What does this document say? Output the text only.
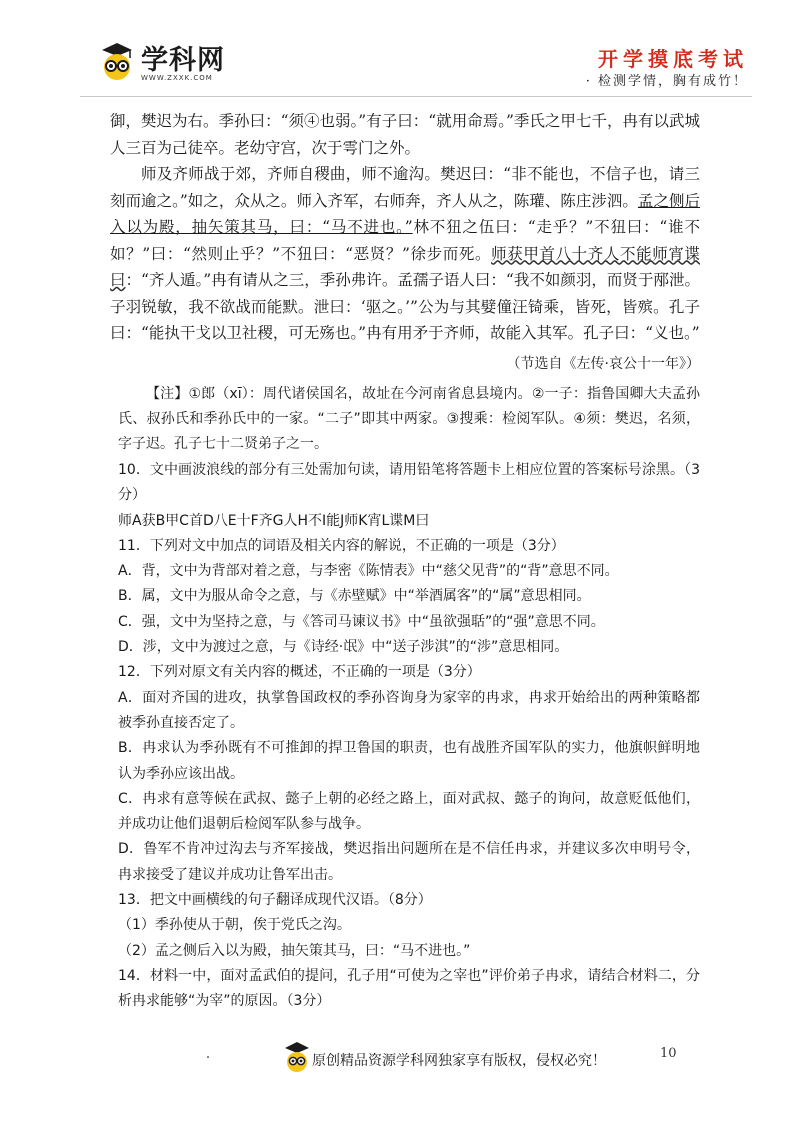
学科网
WWW.ZXXK.COM
开学摸底考试
· 检测学情，胸有成竹！

御，樊迟为右。季孙曰：“须④也弱。”有子曰：“就用命焉。”季氏之甲七千，冉有以武城人三百为己徒卒。老幼守宫，次于雩门之外。

师及齐师战于郊，齐师自稷曲，师不逾沟。樊迟曰：“非不能也，不信子也，请三刻而逾之。”如之，众从之。师入齐军，右师奔，齐人从之，陈瓘、陈庄涉泗。孟之侧后入以为殿，抽矢策其马，曰：“马不进也。”林不狃之伍曰：“走乎？”不狃曰：“谁不如？”曰：“然则止乎？”不狃曰：“恶贤？”徐步而死。师获甲首八十齐人不能师宵谍曰：“齐人遁。”冉有请从之三，季孙弗许。孟孺子语人曰：“我不如颜羽，而贤于邴泄。子羽锐敏，我不欲战而能默。泄曰：‘驱之。’”公为与其嬖僮汪锜乘，皆死，皆殡。孔子曰：“能执干戈以卫社稷，可无殇也。”冉有用矛于齐师，故能入其军。孔子曰：“义也。”

（节选自《左传·哀公十一年》）

【注】①郎（xī）：周代诸侯国名，故址在今河南省息县境内。②一子：指鲁国卿大夫孟孙氏、叔孙氏和季孙氏中的一家。“二子”即其中两家。③搜乘：检阅军队。④须：樊迟，名须，字子迟。孔子七十二贤弟子之一。

10．文中画波浪线的部分有三处需加句读，请用铅笔将答题卡上相应位置的答案标号涂黑。（3分）

师A获B甲C首D八E十F齐G人H不I能J师K宵L谍M曰

11．下列对文中加点的词语及相关内容的解说，不正确的一项是（3分）

A．背，文中为背部对着之意，与李密《陈情表》中“慈父见背”的“背”意思不同。

B．属，文中为服从命令之意，与《赤壁赋》中“举酒属客”的“属”意思相同。

C．强，文中为坚持之意，与《答司马谏议书》中“虽欲强聒”的“强”意思不同。

D．涉，文中为渡过之意，与《诗经·氓》中“送子涉淇”的“涉”意思相同。

12．下列对原文有关内容的概述，不正确的一项是（3分）

A．面对齐国的进攻，执掌鲁国政权的季孙咨询身为家宰的冉求，冉求开始给出的两种策略都被季孙直接否定了。

B．冉求认为季孙既有不可推卸的捍卫鲁国的职责，也有战胜齐国军队的实力，他旗帜鲜明地认为季孙应该出战。

C．冉求有意等候在武叔、懿子上朝的必经之路上，面对武叔、懿子的询问，故意贬低他们，并成功让他们退朝后检阅军队参与战争。

D．鲁军不肯冲过沟去与齐军接战，樊迟指出问题所在是不信任冉求，并建议多次申明号令，冉求接受了建议并成功让鲁军出击。

13．把文中画横线的句子翻译成现代汉语。（8分）

（1）季孙使从于朝，俟于党氏之沟。

（2）孟之侧后入以为殿，抽矢策其马，曰：“马不进也。”

14．材料一中，面对孟武伯的提问，孔子用“可使为之宰也”评价弟子冉求，请结合材料二，分析冉求能够“为宰”的原因。（3分）

10
原创精品资源学科网独家享有版权，侵权必究！
